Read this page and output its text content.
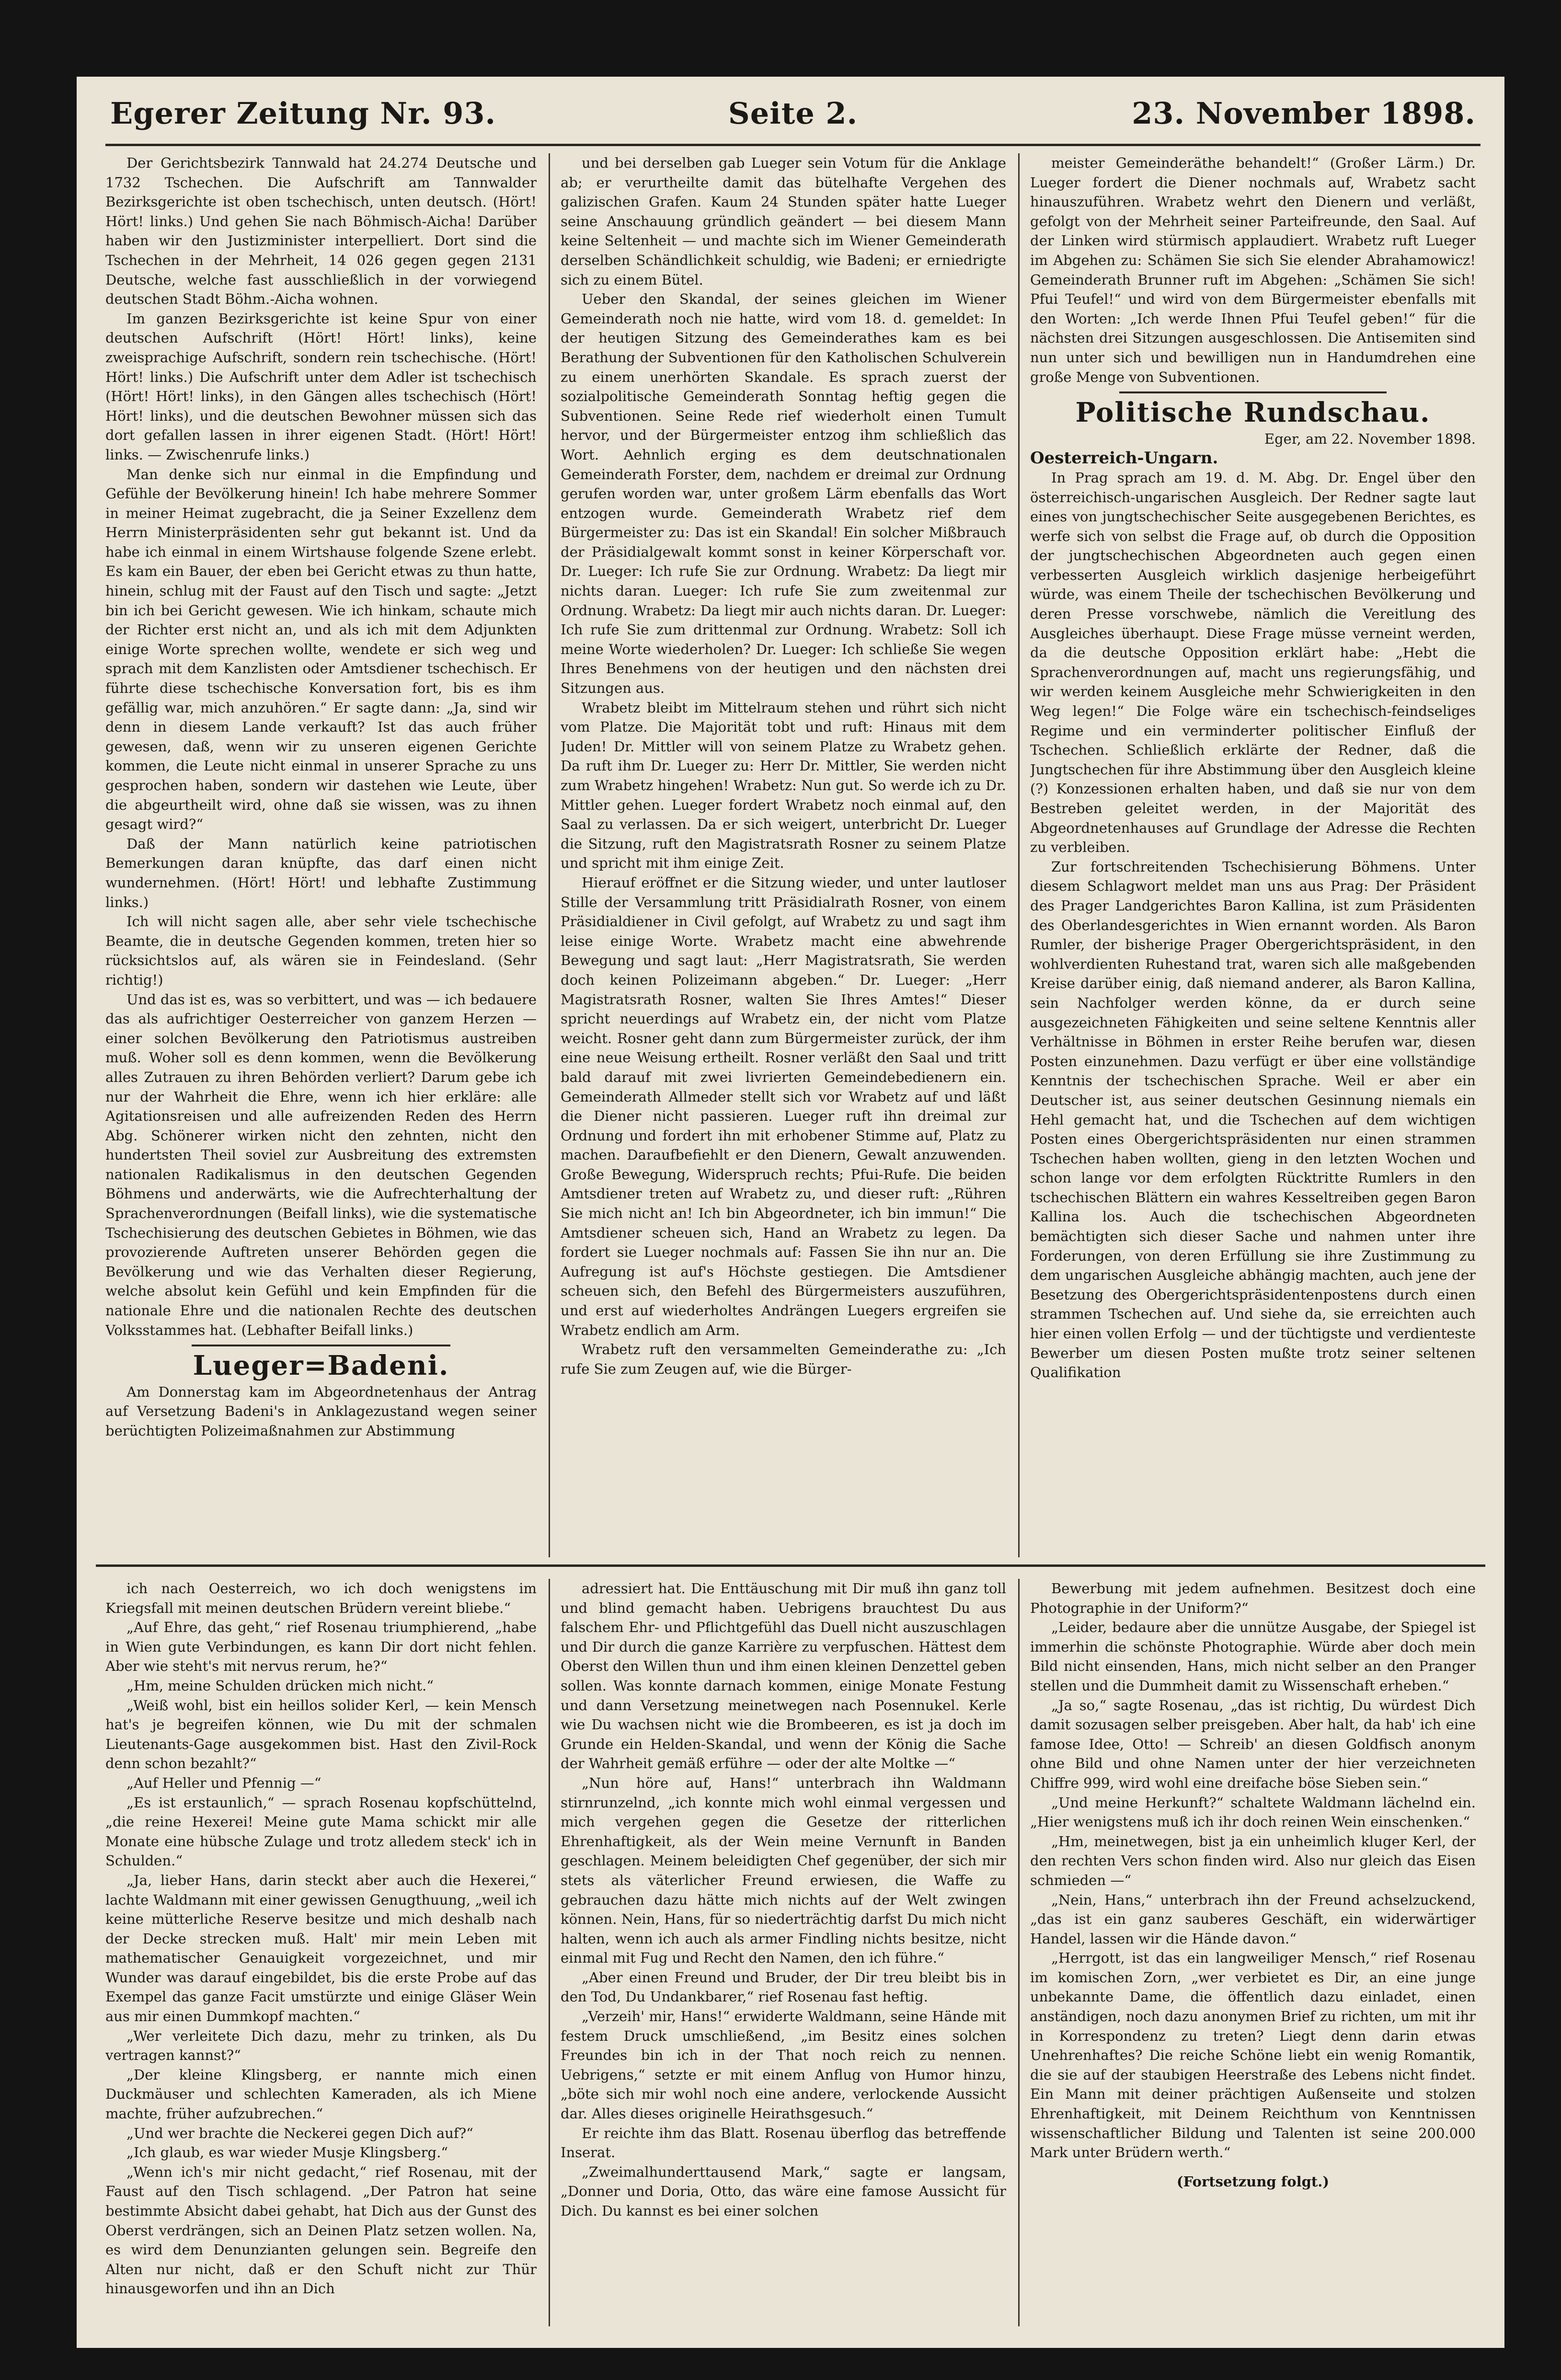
Egerer Zeitung Nr. 93.	Seite 2.	23. November 1898.

Der Gerichtsbezirk Tannwald hat 24.274 Deutsche und 1732 Tschechen. Die Aufschrift am Tannwalder Bezirksgerichte ist oben tschechisch, unten deutsch. (Hört! Hört! links.) Und gehen Sie nach Böhmisch-Aicha! Darüber haben wir den Justizminister interpelliert. Dort sind die Tschechen in der Mehrheit, 14 026 gegen gegen 2131 Deutsche, welche fast ausschließlich in der vorwiegend deutschen Stadt Böhm.-Aicha wohnen.

Im ganzen Bezirksgerichte ist keine Spur von einer deutschen Aufschrift (Hört! Hört! links), keine zweisprachige Aufschrift, sondern rein tschechische. (Hört! Hört! links.) Die Aufschrift unter dem Adler ist tschechisch (Hört! Hört! links), in den Gängen alles tschechisch (Hört! Hört! links), und die deutschen Bewohner müssen sich das dort gefallen lassen in ihrer eigenen Stadt. (Hört! Hört! links. — Zwischenrufe links.)

Man denke sich nur einmal in die Empfindung und Gefühle der Bevölkerung hinein! Ich habe mehrere Sommer in meiner Heimat zugebracht, die ja Seiner Exzellenz dem Herrn Ministerpräsidenten sehr gut bekannt ist. Und da habe ich einmal in einem Wirtshause folgende Szene erlebt. Es kam ein Bauer, der eben bei Gericht etwas zu thun hatte, hinein, schlug mit der Faust auf den Tisch und sagte: „Jetzt bin ich bei Gericht gewesen. Wie ich hinkam, schaute mich der Richter erst nicht an, und als ich mit dem Adjunkten einige Worte sprechen wollte, wendete er sich weg und sprach mit dem Kanzlisten oder Amtsdiener tschechisch. Er führte diese tschechische Konversation fort, bis es ihm gefällig war, mich anzuhören.“ Er sagte dann: „Ja, sind wir denn in diesem Lande verkauft? Ist das auch früher gewesen, daß, wenn wir zu unseren eigenen Gerichte kommen, die Leute nicht einmal in unserer Sprache zu uns gesprochen haben, sondern wir dastehen wie Leute, über die abgeurtheilt wird, ohne daß sie wissen, was zu ihnen gesagt wird?“

Daß der Mann natürlich keine patriotischen Bemerkungen daran knüpfte, das darf einen nicht wundernehmen. (Hört! Hört! und lebhafte Zustimmung links.)

Ich will nicht sagen alle, aber sehr viele tschechische Beamte, die in deutsche Gegenden kommen, treten hier so rücksichtslos auf, als wären sie in Feindesland. (Sehr richtig!)

Und das ist es, was so verbittert, und was — ich bedauere das als aufrichtiger Oesterreicher von ganzem Herzen — einer solchen Bevölkerung den Patriotismus austreiben muß. Woher soll es denn kommen, wenn die Bevölkerung alles Zutrauen zu ihren Behörden verliert? Darum gebe ich nur der Wahrheit die Ehre, wenn ich hier erkläre: alle Agitationsreisen und alle aufreizenden Reden des Herrn Abg. Schönerer wirken nicht den zehnten, nicht den hundertsten Theil soviel zur Ausbreitung des extremsten nationalen Radikalismus in den deutschen Gegenden Böhmens und anderwärts, wie die Aufrechterhaltung der Sprachenverordnungen (Beifall links), wie die systematische Tschechisierung des deutschen Gebietes in Böhmen, wie das provozierende Auftreten unserer Behörden gegen die Bevölkerung und wie das Verhalten dieser Regierung, welche absolut kein Gefühl und kein Empfinden für die nationale Ehre und die nationalen Rechte des deutschen Volksstammes hat. (Lebhafter Beifall links.)

Lueger=Badeni.

Am Donnerstag kam im Abgeordnetenhaus der Antrag auf Versetzung Badeni's in Anklagezustand wegen seiner berüchtigten Polizeimaßnahmen zur Abstimmung

und bei derselben gab Lueger sein Votum für die Anklage ab; er verurtheilte damit das bütelhafte Vergehen des galizischen Grafen. Kaum 24 Stunden später hatte Lueger seine Anschauung gründlich geändert — bei diesem Mann keine Seltenheit — und machte sich im Wiener Gemeinderath derselben Schändlichkeit schuldig, wie Badeni; er erniedrigte sich zu einem Bütel.

Ueber den Skandal, der seines gleichen im Wiener Gemeinderath noch nie hatte, wird vom 18. d. gemeldet: In der heutigen Sitzung des Gemeinderathes kam es bei Berathung der Subventionen für den Katholischen Schulverein zu einem unerhörten Skandale. Es sprach zuerst der sozialpolitische Gemeinderath Sonntag heftig gegen die Subventionen. Seine Rede rief wiederholt einen Tumult hervor, und der Bürgermeister entzog ihm schließlich das Wort. Aehnlich erging es dem deutschnationalen Gemeinderath Forster, dem, nachdem er dreimal zur Ordnung gerufen worden war, unter großem Lärm ebenfalls das Wort entzogen wurde. Gemeinderath Wrabetz rief dem Bürgermeister zu: Das ist ein Skandal! Ein solcher Mißbrauch der Präsidialgewalt kommt sonst in keiner Körperschaft vor. Dr. Lueger: Ich rufe Sie zur Ordnung. Wrabetz: Da liegt mir nichts daran. Lueger: Ich rufe Sie zum zweitenmal zur Ordnung. Wrabetz: Da liegt mir auch nichts daran. Dr. Lueger: Ich rufe Sie zum drittenmal zur Ordnung. Wrabetz: Soll ich meine Worte wiederholen? Dr. Lueger: Ich schließe Sie wegen Ihres Benehmens von der heutigen und den nächsten drei Sitzungen aus.

Wrabetz bleibt im Mittelraum stehen und rührt sich nicht vom Platze. Die Majorität tobt und ruft: Hinaus mit dem Juden! Dr. Mittler will von seinem Platze zu Wrabetz gehen. Da ruft ihm Dr. Lueger zu: Herr Dr. Mittler, Sie werden nicht zum Wrabetz hingehen! Wrabetz: Nun gut. So werde ich zu Dr. Mittler gehen. Lueger fordert Wrabetz noch einmal auf, den Saal zu verlassen. Da er sich weigert, unterbricht Dr. Lueger die Sitzung, ruft den Magistratsrath Rosner zu seinem Platze und spricht mit ihm einige Zeit.

Hierauf eröffnet er die Sitzung wieder, und unter lautloser Stille der Versammlung tritt Präsidialrath Rosner, von einem Präsidialdiener in Civil gefolgt, auf Wrabetz zu und sagt ihm leise einige Worte. Wrabetz macht eine abwehrende Bewegung und sagt laut: „Herr Magistratsrath, Sie werden doch keinen Polizeimann abgeben.“ Dr. Lueger: „Herr Magistratsrath Rosner, walten Sie Ihres Amtes!“ Dieser spricht neuerdings auf Wrabetz ein, der nicht vom Platze weicht. Rosner geht dann zum Bürgermeister zurück, der ihm eine neue Weisung ertheilt. Rosner verläßt den Saal und tritt bald darauf mit zwei livrierten Gemeindebedienern ein. Gemeinderath Allmeder stellt sich vor Wrabetz auf und läßt die Diener nicht passieren. Lueger ruft ihn dreimal zur Ordnung und fordert ihn mit erhobener Stimme auf, Platz zu machen. Daraufbefiehlt er den Dienern, Gewalt anzuwenden. Große Bewegung, Widerspruch rechts; Pfui-Rufe. Die beiden Amtsdiener treten auf Wrabetz zu, und dieser ruft: „Rühren Sie mich nicht an! Ich bin Abgeordneter, ich bin immun!“ Die Amtsdiener scheuen sich, Hand an Wrabetz zu legen. Da fordert sie Lueger nochmals auf: Fassen Sie ihn nur an. Die Aufregung ist auf's Höchste gestiegen. Die Amtsdiener scheuen sich, den Befehl des Bürgermeisters auszuführen, und erst auf wiederholtes Andrängen Luegers ergreifen sie Wrabetz endlich am Arm.

Wrabetz ruft den versammelten Gemeinderathe zu: „Ich rufe Sie zum Zeugen auf, wie die Bürger-

meister Gemeinderäthe behandelt!“ (Großer Lärm.) Dr. Lueger fordert die Diener nochmals auf, Wrabetz sacht hinauszuführen. Wrabetz wehrt den Dienern und verläßt, gefolgt von der Mehrheit seiner Parteifreunde, den Saal. Auf der Linken wird stürmisch applaudiert. Wrabetz ruft Lueger im Abgehen zu: Schämen Sie sich Sie elender Abrahamowicz! Gemeinderath Brunner ruft im Abgehen: „Schämen Sie sich! Pfui Teufel!“ und wird von dem Bürgermeister ebenfalls mit den Worten: „Ich werde Ihnen Pfui Teufel geben!“ für die nächsten drei Sitzungen ausgeschlossen. Die Antisemiten sind nun unter sich und bewilligen nun in Handumdrehen eine große Menge von Subventionen.

Politische Rundschau.

Eger, am 22. November 1898.

Oesterreich-Ungarn.

In Prag sprach am 19. d. M. Abg. Dr. Engel über den österreichisch-ungarischen Ausgleich. Der Redner sagte laut eines von jungtschechischer Seite ausgegebenen Berichtes, es werfe sich von selbst die Frage auf, ob durch die Opposition der jungtschechischen Abgeordneten auch gegen einen verbesserten Ausgleich wirklich dasjenige herbeigeführt würde, was einem Theile der tschechischen Bevölkerung und deren Presse vorschwebe, nämlich die Vereitlung des Ausgleiches überhaupt. Diese Frage müsse verneint werden, da die deutsche Opposition erklärt habe: „Hebt die Sprachenverordnungen auf, macht uns regierungsfähig, und wir werden keinem Ausgleiche mehr Schwierigkeiten in den Weg legen!“ Die Folge wäre ein tschechisch-feindseliges Regime und ein verminderter politischer Einfluß der Tschechen. Schließlich erklärte der Redner, daß die Jungtschechen für ihre Abstimmung über den Ausgleich kleine (?) Konzessionen erhalten haben, und daß sie nur von dem Bestreben geleitet werden, in der Majorität des Abgeordnetenhauses auf Grundlage der Adresse die Rechten zu verbleiben.

Zur fortschreitenden Tschechisierung Böhmens. Unter diesem Schlagwort meldet man uns aus Prag: Der Präsident des Prager Landgerichtes Baron Kallina, ist zum Präsidenten des Oberlandesgerichtes in Wien ernannt worden. Als Baron Rumler, der bisherige Prager Obergerichtspräsident, in den wohlverdienten Ruhestand trat, waren sich alle maßgebenden Kreise darüber einig, daß niemand anderer, als Baron Kallina, sein Nachfolger werden könne, da er durch seine ausgezeichneten Fähigkeiten und seine seltene Kenntnis aller Verhältnisse in Böhmen in erster Reihe berufen war, diesen Posten einzunehmen. Dazu verfügt er über eine vollständige Kenntnis der tschechischen Sprache. Weil er aber ein Deutscher ist, aus seiner deutschen Gesinnung niemals ein Hehl gemacht hat, und die Tschechen auf dem wichtigen Posten eines Obergerichtspräsidenten nur einen strammen Tschechen haben wollten, gieng in den letzten Wochen und schon lange vor dem erfolgten Rücktritte Rumlers in den tschechischen Blättern ein wahres Kesseltreiben gegen Baron Kallina los. Auch die tschechischen Abgeordneten bemächtigten sich dieser Sache und nahmen unter ihre Forderungen, von deren Erfüllung sie ihre Zustimmung zu dem ungarischen Ausgleiche abhängig machten, auch jene der Besetzung des Obergerichtspräsidentenpostens durch einen strammen Tschechen auf. Und siehe da, sie erreichten auch hier einen vollen Erfolg — und der tüchtigste und verdienteste Bewerber um diesen Posten mußte trotz seiner seltenen Qualifikation

ich nach Oesterreich, wo ich doch wenigstens im Kriegsfall mit meinen deutschen Brüdern vereint bliebe.“

„Auf Ehre, das geht,“ rief Rosenau triumphierend, „habe in Wien gute Verbindungen, es kann Dir dort nicht fehlen. Aber wie steht's mit nervus rerum, he?“

„Hm, meine Schulden drücken mich nicht.“

„Weiß wohl, bist ein heillos solider Kerl, — kein Mensch hat's je begreifen können, wie Du mit der schmalen Lieutenants-Gage ausgekommen bist. Hast den Zivil-Rock denn schon bezahlt?“

„Auf Heller und Pfennig —“

„Es ist erstaunlich,“ — sprach Rosenau kopfschüttelnd, „die reine Hexerei! Meine gute Mama schickt mir alle Monate eine hübsche Zulage und trotz alledem steck' ich in Schulden.“

„Ja, lieber Hans, darin steckt aber auch die Hexerei,“ lachte Waldmann mit einer gewissen Genugthuung, „weil ich keine mütterliche Reserve besitze und mich deshalb nach der Decke strecken muß. Halt' mir mein Leben mit mathematischer Genauigkeit vorgezeichnet, und mir Wunder was darauf eingebildet, bis die erste Probe auf das Exempel das ganze Facit umstürzte und einige Gläser Wein aus mir einen Dummkopf machten.“

„Wer verleitete Dich dazu, mehr zu trinken, als Du vertragen kannst?“

„Der kleine Klingsberg, er nannte mich einen Duckmäuser und schlechten Kameraden, als ich Miene machte, früher aufzubrechen.“

„Und wer brachte die Neckerei gegen Dich auf?“

„Ich glaub, es war wieder Musje Klingsberg.“

„Wenn ich's mir nicht gedacht,“ rief Rosenau, mit der Faust auf den Tisch schlagend. „Der Patron hat seine bestimmte Absicht dabei gehabt, hat Dich aus der Gunst des Oberst verdrängen, sich an Deinen Platz setzen wollen. Na, es wird dem Denunzianten gelungen sein. Begreife den Alten nur nicht, daß er den Schuft nicht zur Thür hinausgeworfen und ihn an Dich

adressiert hat. Die Enttäuschung mit Dir muß ihn ganz toll und blind gemacht haben. Uebrigens brauchtest Du aus falschem Ehr- und Pflichtgefühl das Duell nicht auszuschlagen und Dir durch die ganze Karrière zu verpfuschen. Hättest dem Oberst den Willen thun und ihm einen kleinen Denzettel geben sollen. Was konnte darnach kommen, einige Monate Festung und dann Versetzung meinetwegen nach Posennukel. Kerle wie Du wachsen nicht wie die Brombeeren, es ist ja doch im Grunde ein Helden-Skandal, und wenn der König die Sache der Wahrheit gemäß erführe — oder der alte Moltke —“

„Nun höre auf, Hans!“ unterbrach ihn Waldmann stirnrunzelnd, „ich konnte mich wohl einmal vergessen und mich vergehen gegen die Gesetze der ritterlichen Ehrenhaftigkeit, als der Wein meine Vernunft in Banden geschlagen. Meinem beleidigten Chef gegenüber, der sich mir stets als väterlicher Freund erwiesen, die Waffe zu gebrauchen dazu hätte mich nichts auf der Welt zwingen können. Nein, Hans, für so niederträchtig darfst Du mich nicht halten, wenn ich auch als armer Findling nichts besitze, nicht einmal mit Fug und Recht den Namen, den ich führe.“

„Aber einen Freund und Bruder, der Dir treu bleibt bis in den Tod, Du Undankbarer,“ rief Rosenau fast heftig.

„Verzeih' mir, Hans!“ erwiderte Waldmann, seine Hände mit festem Druck umschließend, „im Besitz eines solchen Freundes bin ich in der That noch reich zu nennen. Uebrigens,“ setzte er mit einem Anflug von Humor hinzu, „böte sich mir wohl noch eine andere, verlockende Aussicht dar. Alles dieses originelle Heirathsgesuch.“

Er reichte ihm das Blatt. Rosenau überflog das betreffende Inserat.

„Zweimalhunderttausend Mark,“ sagte er langsam, „Donner und Doria, Otto, das wäre eine famose Aussicht für Dich. Du kannst es bei einer solchen

Bewerbung mit jedem aufnehmen. Besitzest doch eine Photographie in der Uniform?“

„Leider, bedaure aber die unnütze Ausgabe, der Spiegel ist immerhin die schönste Photographie. Würde aber doch mein Bild nicht einsenden, Hans, mich nicht selber an den Pranger stellen und die Dummheit damit zu Wissenschaft erheben.“

„Ja so,“ sagte Rosenau, „das ist richtig, Du würdest Dich damit sozusagen selber preisgeben. Aber halt, da hab' ich eine famose Idee, Otto! — Schreib' an diesen Goldfisch anonym ohne Bild und ohne Namen unter der hier verzeichneten Chiffre 999, wird wohl eine dreifache böse Sieben sein.“

„Und meine Herkunft?“ schaltete Waldmann lächelnd ein. „Hier wenigstens muß ich ihr doch reinen Wein einschenken.“

„Hm, meinetwegen, bist ja ein unheimlich kluger Kerl, der den rechten Vers schon finden wird. Also nur gleich das Eisen schmieden —“

„Nein, Hans,“ unterbrach ihn der Freund achselzuckend, „das ist ein ganz sauberes Geschäft, ein widerwärtiger Handel, lassen wir die Hände davon.“

„Herrgott, ist das ein langweiliger Mensch,“ rief Rosenau im komischen Zorn, „wer verbietet es Dir, an eine junge unbekannte Dame, die öffentlich dazu einladet, einen anständigen, noch dazu anonymen Brief zu richten, um mit ihr in Korrespondenz zu treten? Liegt denn darin etwas Unehrenhaftes? Die reiche Schöne liebt ein wenig Romantik, die sie auf der staubigen Heerstraße des Lebens nicht findet. Ein Mann mit deiner prächtigen Außenseite und stolzen Ehrenhaftigkeit, mit Deinem Reichthum von Kenntnissen wissenschaftlicher Bildung und Talenten ist seine 200.000 Mark unter Brüdern werth.“

(Fortsetzung folgt.)
